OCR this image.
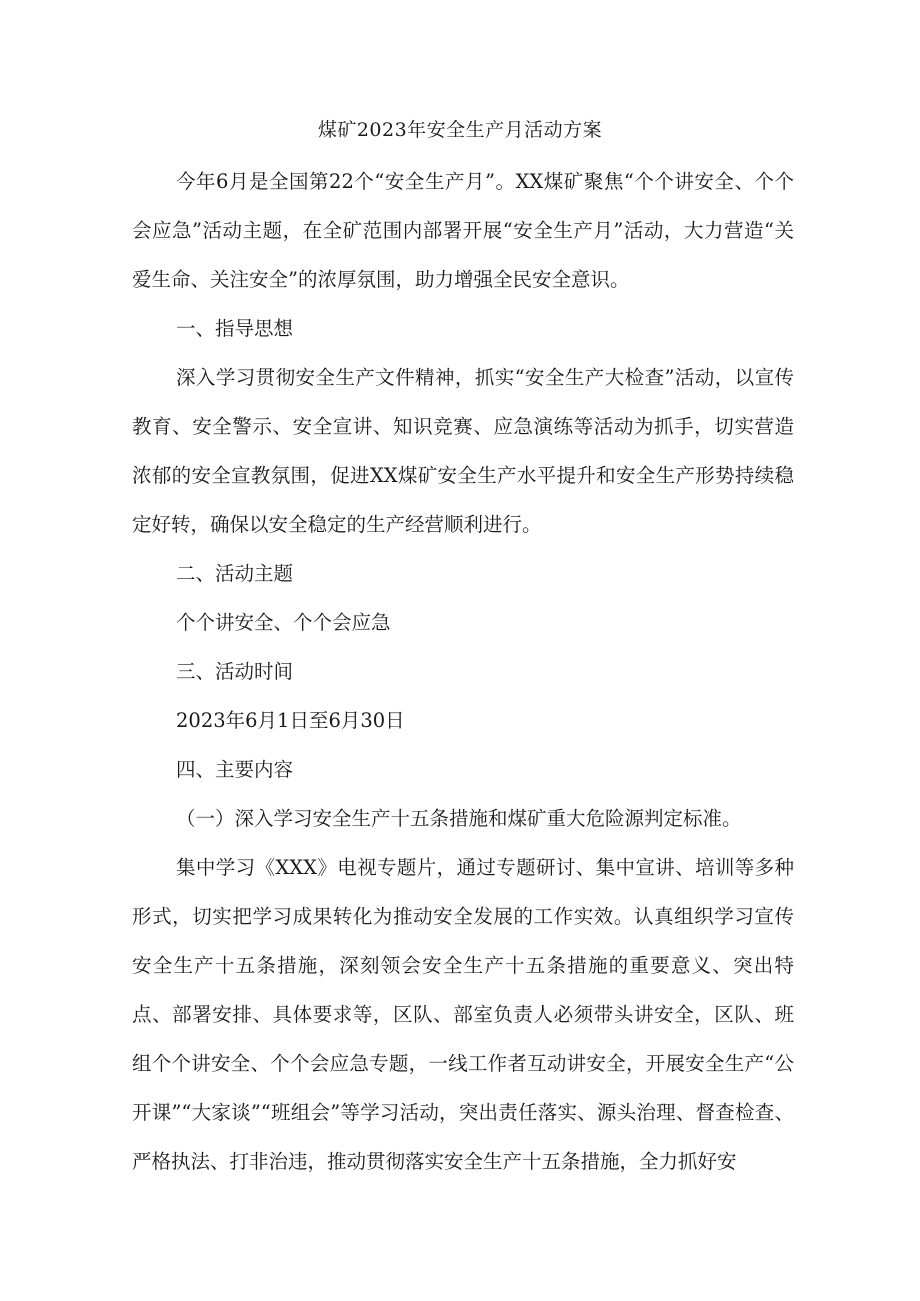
煤矿2023年安全生产月活动方案

今年6月是全国第22个“安全生产月”。XX煤矿聚焦“个个讲安全、个个会应急”活动主题，在全矿范围内部署开展“安全生产月”活动，大力营造“关爱生命、关注安全”的浓厚氛围，助力增强全民安全意识。

一、指导思想

深入学习贯彻安全生产文件精神，抓实“安全生产大检查”活动，以宣传教育、安全警示、安全宣讲、知识竞赛、应急演练等活动为抓手，切实营造浓郁的安全宣教氛围，促进XX煤矿安全生产水平提升和安全生产形势持续稳定好转，确保以安全稳定的生产经营顺利进行。

二、活动主题

个个讲安全、个个会应急

三、活动时间

2023年6月1日至6月30日

四、主要内容

（一）深入学习安全生产十五条措施和煤矿重大危险源判定标准。

集中学习《XXX》电视专题片，通过专题研讨、集中宣讲、培训等多种形式，切实把学习成果转化为推动安全发展的工作实效。认真组织学习宣传安全生产十五条措施，深刻领会安全生产十五条措施的重要意义、突出特点、部署安排、具体要求等，区队、部室负责人必须带头讲安全，区队、班组个个讲安全、个个会应急专题，一线工作者互动讲安全，开展安全生产“公开课”“大家谈”“班组会”等学习活动，突出责任落实、源头治理、督查检查、严格执法、打非治违，推动贯彻落实安全生产十五条措施，全力抓好安
